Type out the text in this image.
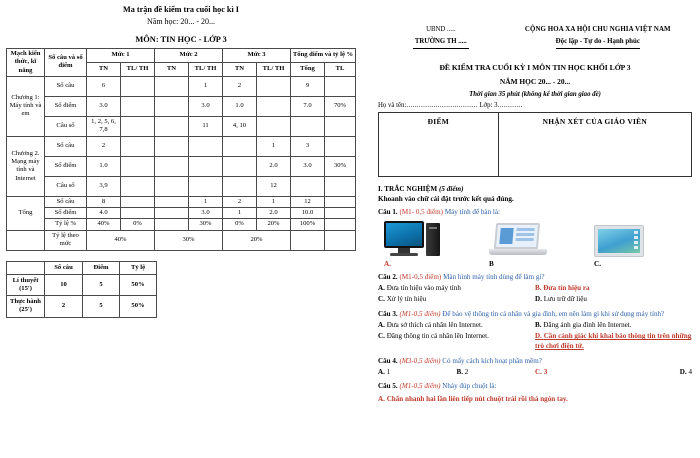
Ma trận đề kiểm tra cuối học kì I
Năm học: 20... - 20...
MÔN: TIN HỌC - LỚP 3
Mạch kiến thức, kĩ năng	Số câu và số điểm	Mức 1		Mức 2		Mức 3		Tổng điểm và tỷ lệ %	
		TN	TL/ TH	TN	TL/ TH	TN	TL/ TH	Tổng	TL
Chương 1: Máy tính và em	Số câu	6			1	2		9	
	Số điểm	3.0			3.0	1.0		7.0	70%
	Câu số	1, 2, 5, 6, 7,8			11	4, 10			
Chương 2. Mạng máy tính và Internet	Số câu	2					1	3	
	Số điểm	1.0					2.0	3.0	30%
	Câu số	3,9					12		
Tổng	Số câu	8			1	2	1	12	
	Số điểm	4.0			3.0	1	2.0	10.0	
	Tỷ lệ %	40%	0%		30%	0%	20%	100%	
	Tỷ lệ theo mức	40%		30%		20%			
	Số câu	Điểm	Tỷ lệ
Lí thuyết (15')	10	5	50%
Thực hành (25')	2	5	50%
UBND .....
TRƯỜNG TH .....
CỘNG HOA XA HỘI CHU NGHIA VIỆT NAM
Độc lập - Tự do - Hạnh phúc
ĐỀ KIỂM TRA CUỐI KỲ I MÔN TIN HỌC KHỐI LỚP 3
NĂM HỌC 20... - 20...
Thời gian 35 phút (không kể thời gian giao đề)
Họ và tên:.................................. Lớp: 3............
ĐIỂM	NHẬN XÉT CỦA GIÁO VIÊN
I. TRẮC NGHIỆM (5 điểm)
Khoanh vào chữ cái đặt trước kết quả đúng.
Câu 1. (M1- 0,5 điểm) Máy tính để bàn là:
A.	B	C.
Câu 2. (M1-0,5 điểm) Màn hình máy tính dùng để làm gì?
A. Đưa tín hiệu vào máy tính	B. Đưa tín hiệu ra
C. Xử lý tín hiệu	D. Lưu trữ dữ liệu
Câu 3. (M1-0,5 điểm) Để bảo vệ thông tin cá nhân và gia đình, em nên làm gì khi sử dụng máy tính?
A. Đưa sở thích cá nhân lên Internet.	B. Đăng ảnh gia đình lên Internet.
C. Đăng thông tin cá nhân lên Internet.	D. Cần cảnh giác khi khai báo thông tin trên những trò chơi điện tử.
Câu 4. (M3-0,5 điểm) Có mấy cách kích hoạt phần mềm?
A. 1	B. 2	C. 3	D. 4
Câu 5. (M1-0,5 điểm) Nháy đúp chuột là:
A. Chấn nhanh hai lần liên tiếp nút chuột trái rồi thả ngón tay.
